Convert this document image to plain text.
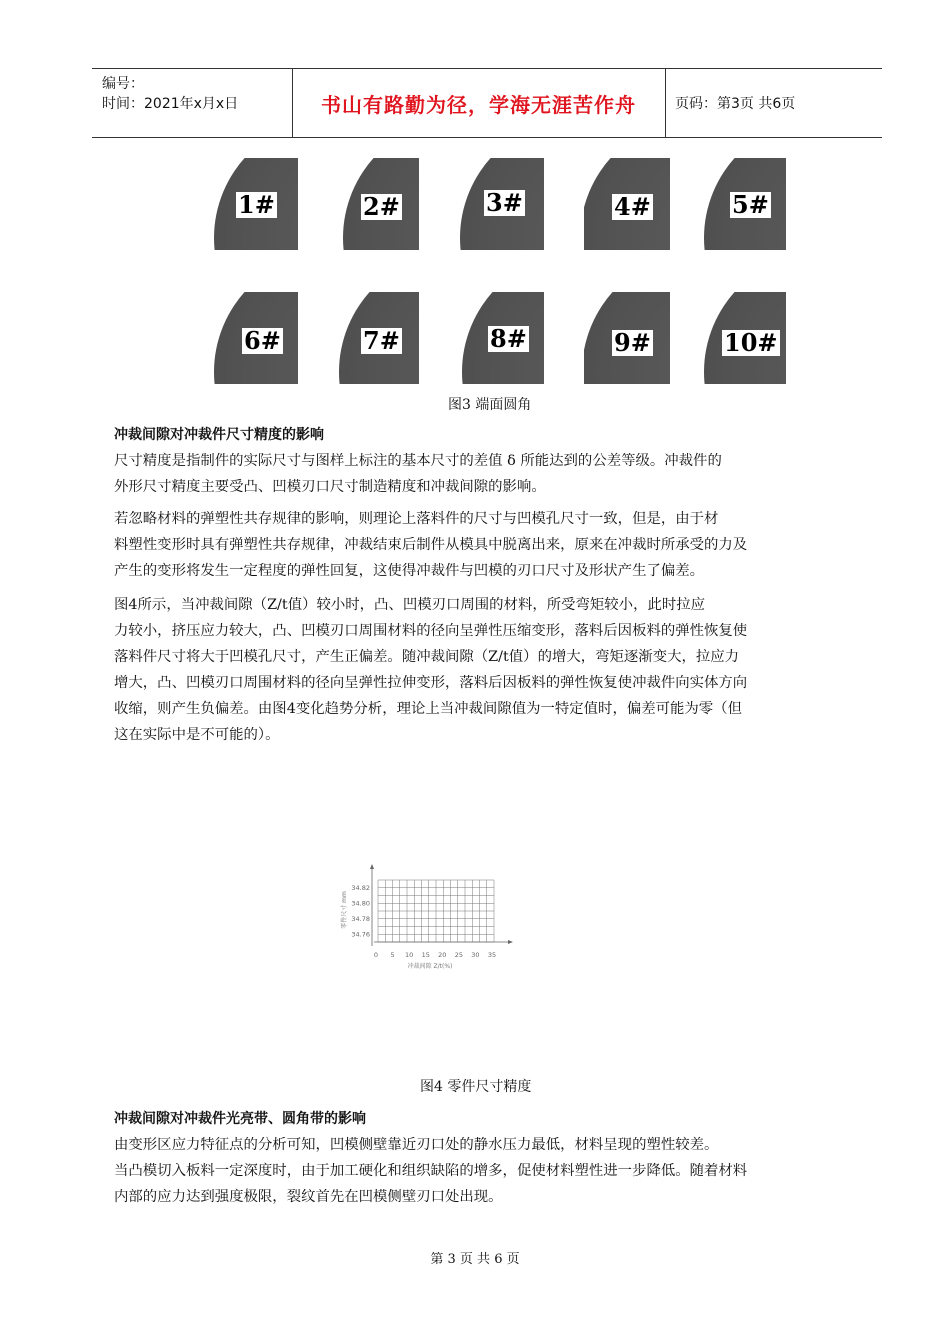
编号：
时间：2021年x月x日	书山有路勤为径，学海无涯苦作舟	页码：第3页 共6页
1#	2#	3#	4#	5#
6#	7#	8#	9#	10#
图3 端面圆角
冲裁间隙对冲裁件尺寸精度的影响
尺寸精度是指制件的实际尺寸与图样上标注的基本尺寸的差值 δ 所能达到的公差等级。冲裁件的
外形尺寸精度主要受凸、凹模刃口尺寸制造精度和冲裁间隙的影响。
若忽略材料的弹塑性共存规律的影响，则理论上落料件的尺寸与凹模孔尺寸一致，但是，由于材
料塑性变形时具有弹塑性共存规律，冲裁结束后制件从模具中脱离出来，原来在冲裁时所承受的力及
产生的变形将发生一定程度的弹性回复，这使得冲裁件与凹模的刃口尺寸及形状产生了偏差。
图4所示，当冲裁间隙（Z/t值）较小时，凸、凹模刃口周围的材料，所受弯矩较小，此时拉应
力较小，挤压应力较大，凸、凹模刃口周围材料的径向呈弹性压缩变形，落料后因板料的弹性恢复使
落料件尺寸将大于凹模孔尺寸，产生正偏差。随冲裁间隙（Z/t值）的增大，弯矩逐渐变大，拉应力
增大，凸、凹模刃口周围材料的径向呈弹性拉伸变形，落料后因板料的弹性恢复使冲裁件向实体方向
收缩，则产生负偏差。由图4变化趋势分析，理论上当冲裁间隙值为一特定值时，偏差可能为零（但
这在实际中是不可能的）。
0 5 10 15 20 25 30 35
34.76
34.78
34.80
34.82
冲裁间隙 Z/t(%)
零件尺寸 mm
图4 零件尺寸精度
冲裁间隙对冲裁件光亮带、圆角带的影响
由变形区应力特征点的分析可知，凹模侧壁靠近刃口处的静水压力最低，材料呈现的塑性较差。
当凸模切入板料一定深度时，由于加工硬化和组织缺陷的增多，促使材料塑性进一步降低。随着材料
内部的应力达到强度极限，裂纹首先在凹模侧壁刃口处出现。
第 3 页 共 6 页
